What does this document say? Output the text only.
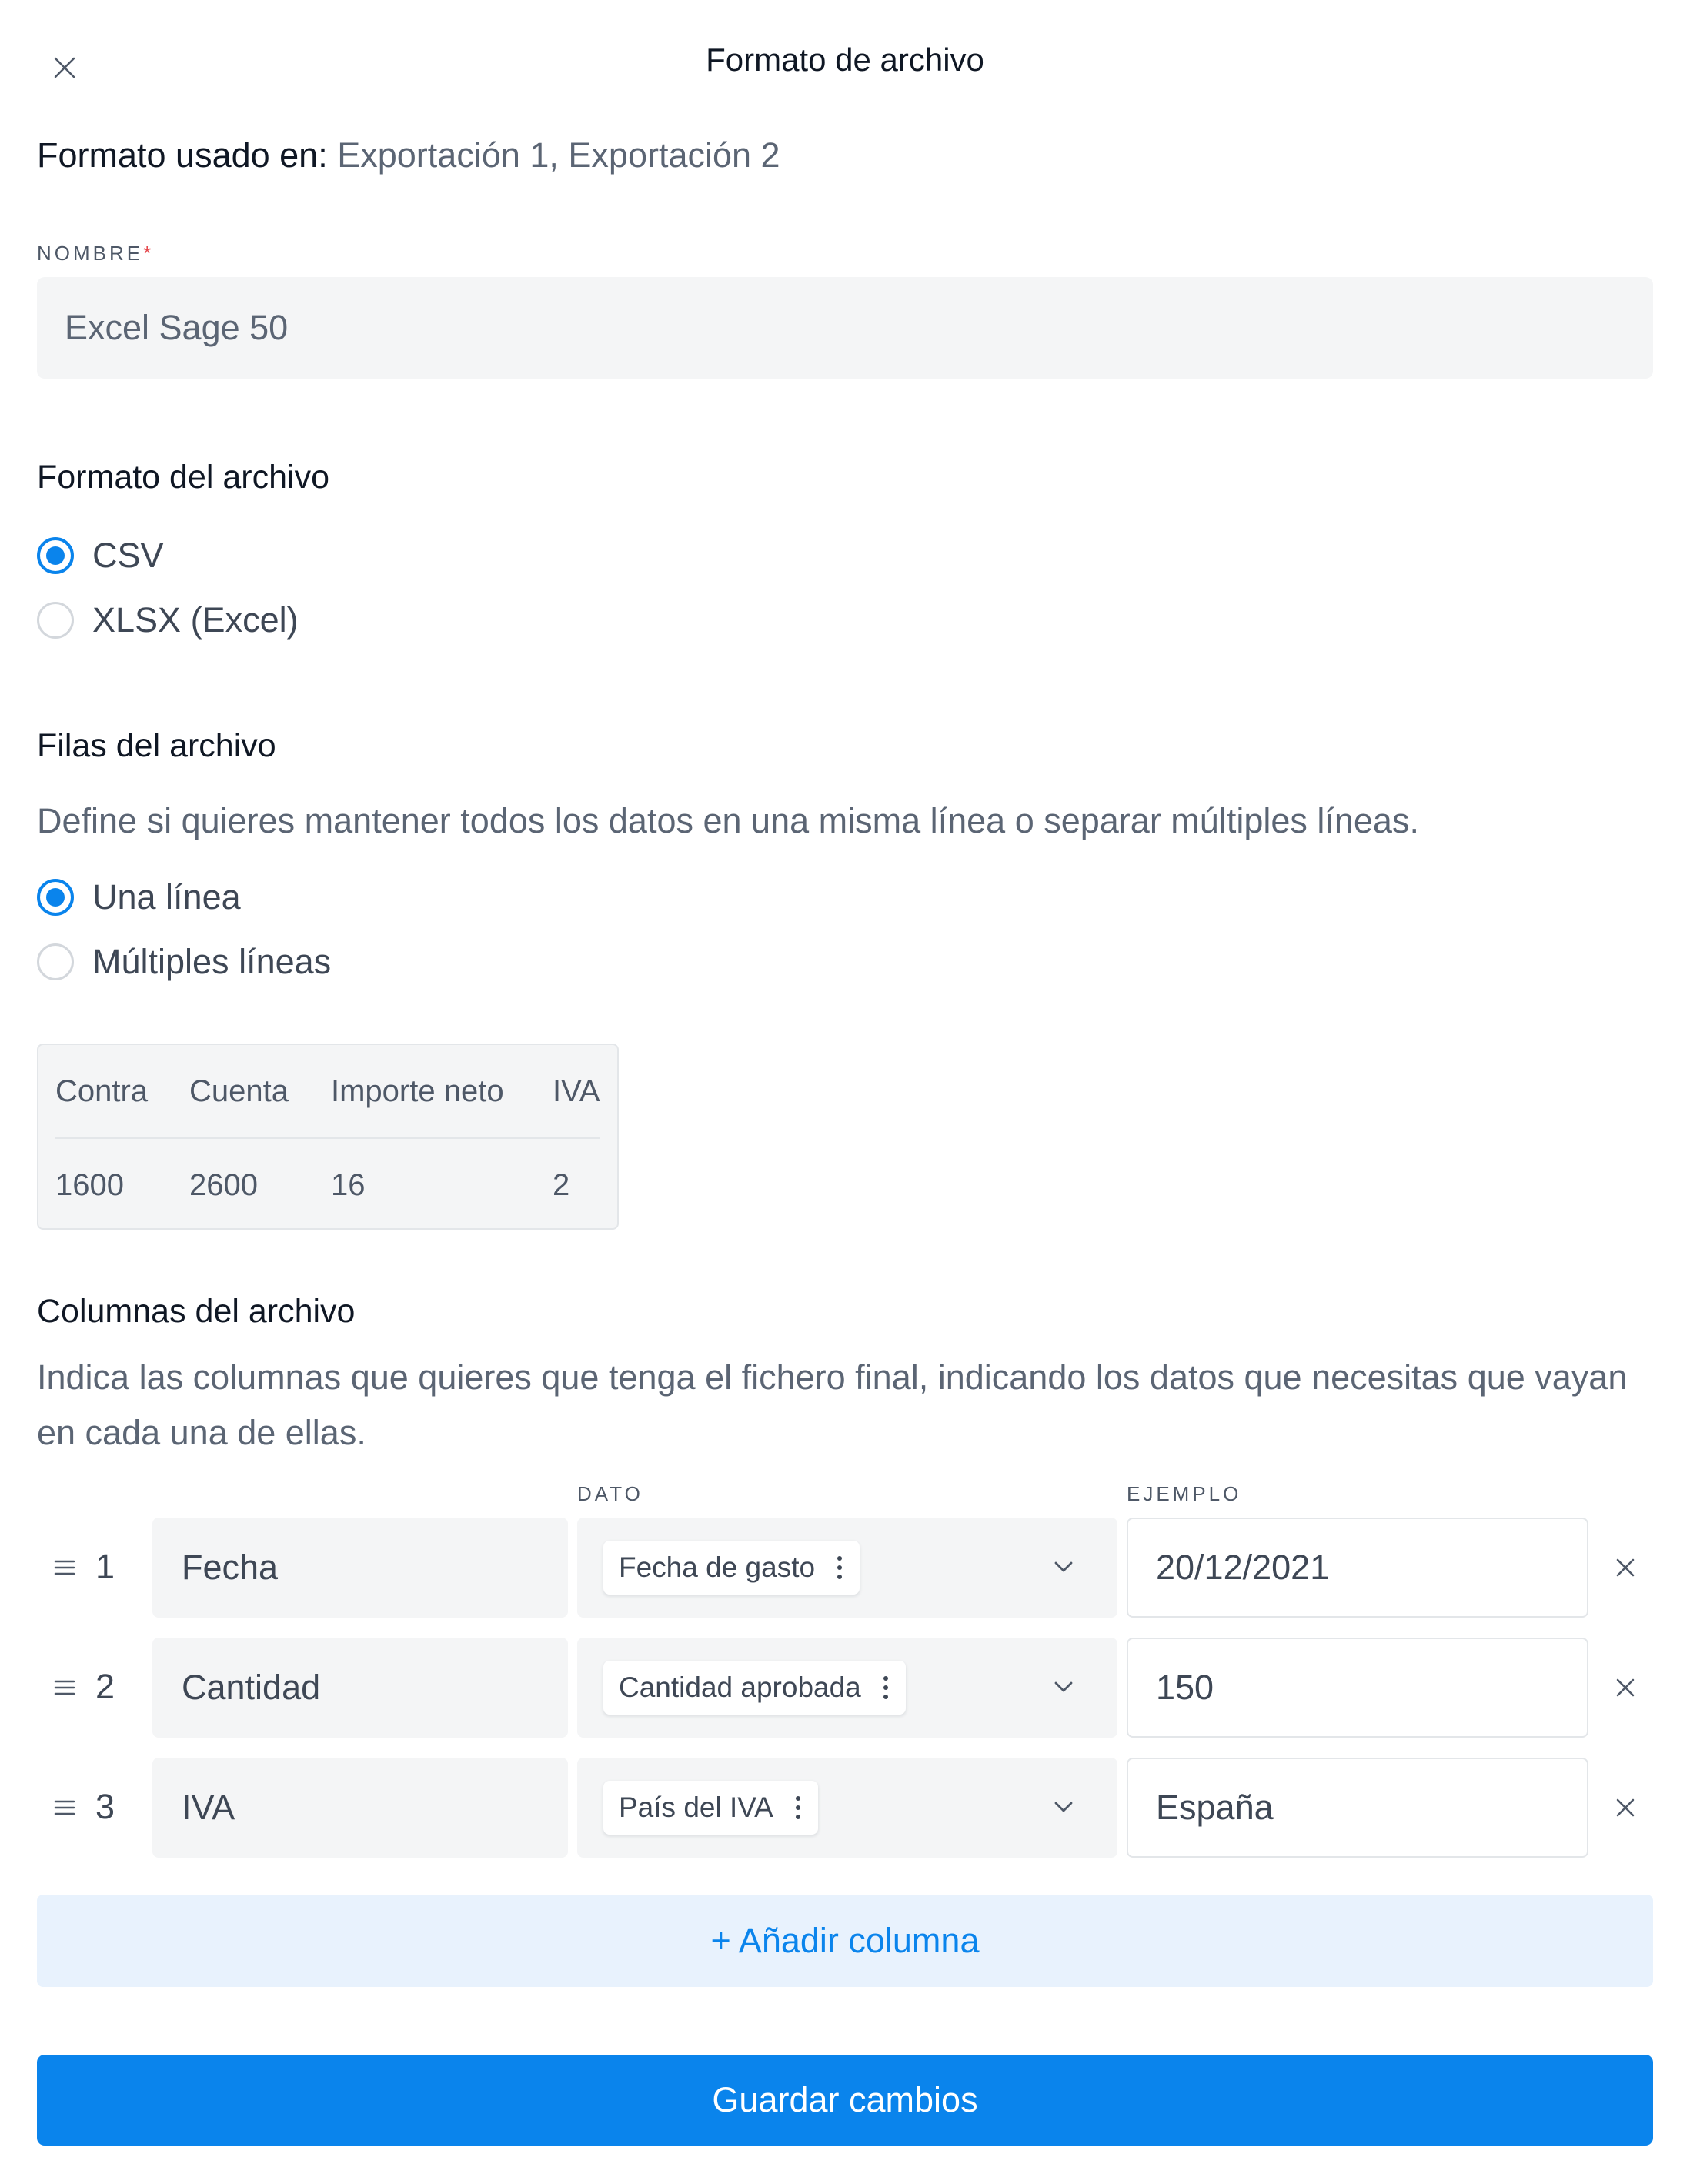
Formato de archivo
Formato usado en: Exportación 1, Exportación 2
NOMBRE*
Excel Sage 50
Formato del archivo
CSV
XLSX (Excel)
Filas del archivo
Define si quieres mantener todos los datos en una misma línea o separar múltiples líneas.
Una línea
Múltiples líneas
Contra Cuenta Importe neto IVA
1600 2600 16	2
Columnas del archivo
Indica las columnas que quieres que tenga el fichero final, indicando los datos que necesitas que vayan en cada una de ellas.
DATO	EJEMPLO
1	Fecha	Fecha de gasto	20/12/2021
2	Cantidad	Cantidad aprobada	150
3	IVA	País del IVA	España
+ Añadir columna
Guardar cambios
